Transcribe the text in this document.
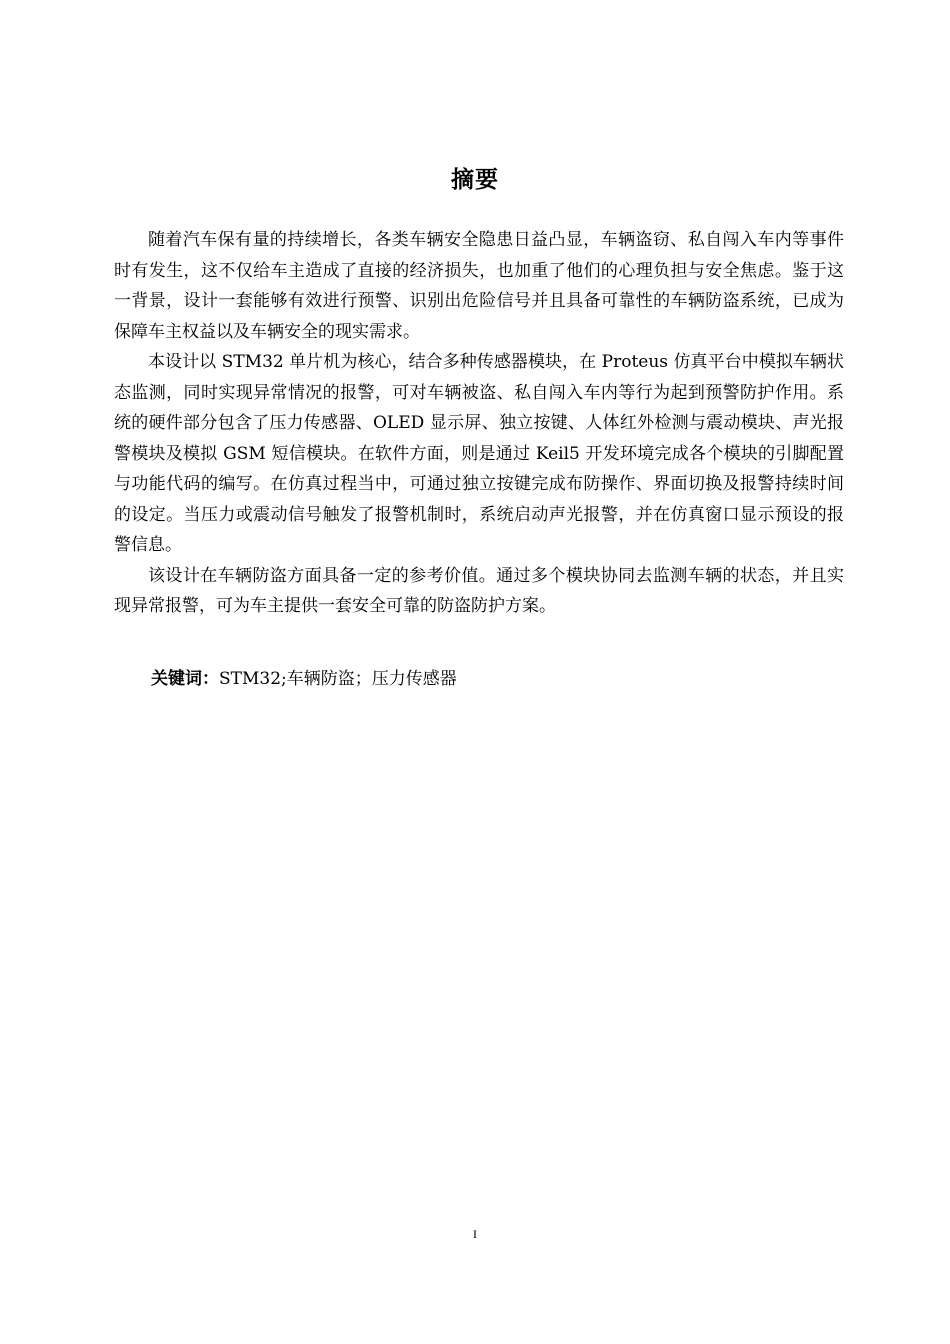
摘要

随着汽车保有量的持续增长，各类车辆安全隐患日益凸显，车辆盗窃、私自闯入车内等事件时有发生，这不仅给车主造成了直接的经济损失，也加重了他们的心理负担与安全焦虑。鉴于这一背景，设计一套能够有效进行预警、识别出危险信号并且具备可靠性的车辆防盗系统，已成为保障车主权益以及车辆安全的现实需求。

本设计以 STM32 单片机为核心，结合多种传感器模块，在 Proteus 仿真平台中模拟车辆状态监测，同时实现异常情况的报警，可对车辆被盗、私自闯入车内等行为起到预警防护作用。系统的硬件部分包含了压力传感器、OLED 显示屏、独立按键、人体红外检测与震动模块、声光报警模块及模拟 GSM 短信模块。在软件方面，则是通过 Keil5 开发环境完成各个模块的引脚配置与功能代码的编写。在仿真过程当中，可通过独立按键完成布防操作、界面切换及报警持续时间的设定。当压力或震动信号触发了报警机制时，系统启动声光报警，并在仿真窗口显示预设的报警信息。

该设计在车辆防盗方面具备一定的参考价值。通过多个模块协同去监测车辆的状态，并且实现异常报警，可为车主提供一套安全可靠的防盗防护方案。

关键词：STM32;车辆防盗；压力传感器
I
